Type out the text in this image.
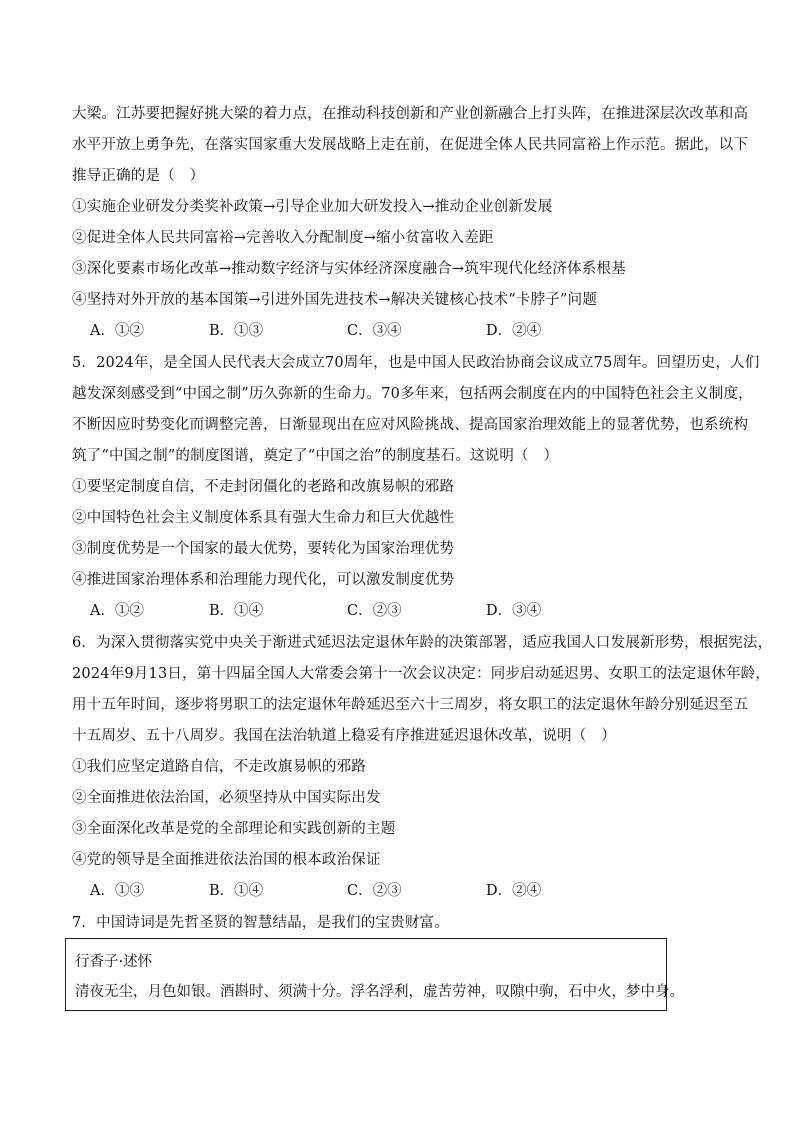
大梁。江苏要把握好挑大梁的着力点，在推动科技创新和产业创新融合上打头阵，在推进深层次改革和高
水平开放上勇争先，在落实国家重大发展战略上走在前，在促进全体人民共同富裕上作示范。据此，以下
推导正确的是（　）
①实施企业研发分类奖补政策→引导企业加大研发投入→推动企业创新发展
②促进全体人民共同富裕→完善收入分配制度→缩小贫富收入差距
③深化要素市场化改革→推动数字经济与实体经济深度融合→筑牢现代化经济体系根基
④坚持对外开放的基本国策→引进外国先进技术→解决关键核心技术“卡脖子”问题
A．①②	B．①③	C．③④	D．②④
5．2024年，是全国人民代表大会成立70周年，也是中国人民政治协商会议成立75周年。回望历史，人们
越发深刻感受到“中国之制”历久弥新的生命力。70多年来，包括两会制度在内的中国特色社会主义制度，
不断因应时势变化而调整完善，日渐显现出在应对风险挑战、提高国家治理效能上的显著优势，也系统构
筑了“中国之制”的制度图谱，奠定了“中国之治”的制度基石。这说明（　）
①要坚定制度自信，不走封闭僵化的老路和改旗易帜的邪路
②中国特色社会主义制度体系具有强大生命力和巨大优越性
③制度优势是一个国家的最大优势，要转化为国家治理优势
④推进国家治理体系和治理能力现代化，可以激发制度优势
A．①②	B．①④	C．②③	D．③④
6．为深入贯彻落实党中央关于渐进式延迟法定退休年龄的决策部署，适应我国人口发展新形势，根据宪法，
2024年9月13日，第十四届全国人大常委会第十一次会议决定：同步启动延迟男、女职工的法定退休年龄，
用十五年时间，逐步将男职工的法定退休年龄延迟至六十三周岁，将女职工的法定退休年龄分别延迟至五
十五周岁、五十八周岁。我国在法治轨道上稳妥有序推进延迟退休改革，说明（　）
①我们应坚定道路自信，不走改旗易帜的邪路
②全面推进依法治国，必须坚持从中国实际出发
③全面深化改革是党的全部理论和实践创新的主题
④党的领导是全面推进依法治国的根本政治保证
A．①③	B．①④	C．②③	D．②④
7．中国诗词是先哲圣贤的智慧结晶，是我们的宝贵财富。
行香子·述怀
清夜无尘，月色如银。酒斟时、须满十分。浮名浮利，虚苦劳神，叹隙中驹，石中火，梦中身。
